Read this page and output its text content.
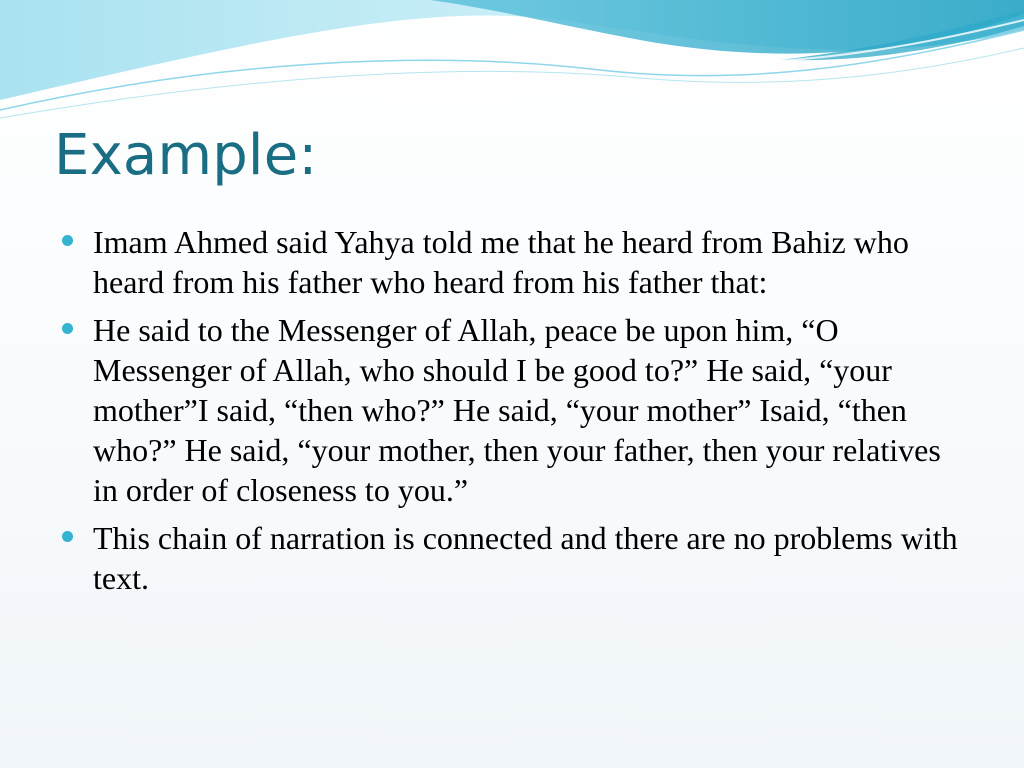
Example:
Imam Ahmed said Yahya told me that he heard from Bahiz who heard from his father who heard from his father that:
He said to the Messenger of Allah, peace be upon him, “O Messenger of Allah, who should I be good to?” He said, “your mother”I said, “then who?” He said, “your mother” Isaid, “then who?” He said, “your mother, then your father, then your relatives in order of closeness to you.”
This chain of narration is connected and there are no problems with text.
